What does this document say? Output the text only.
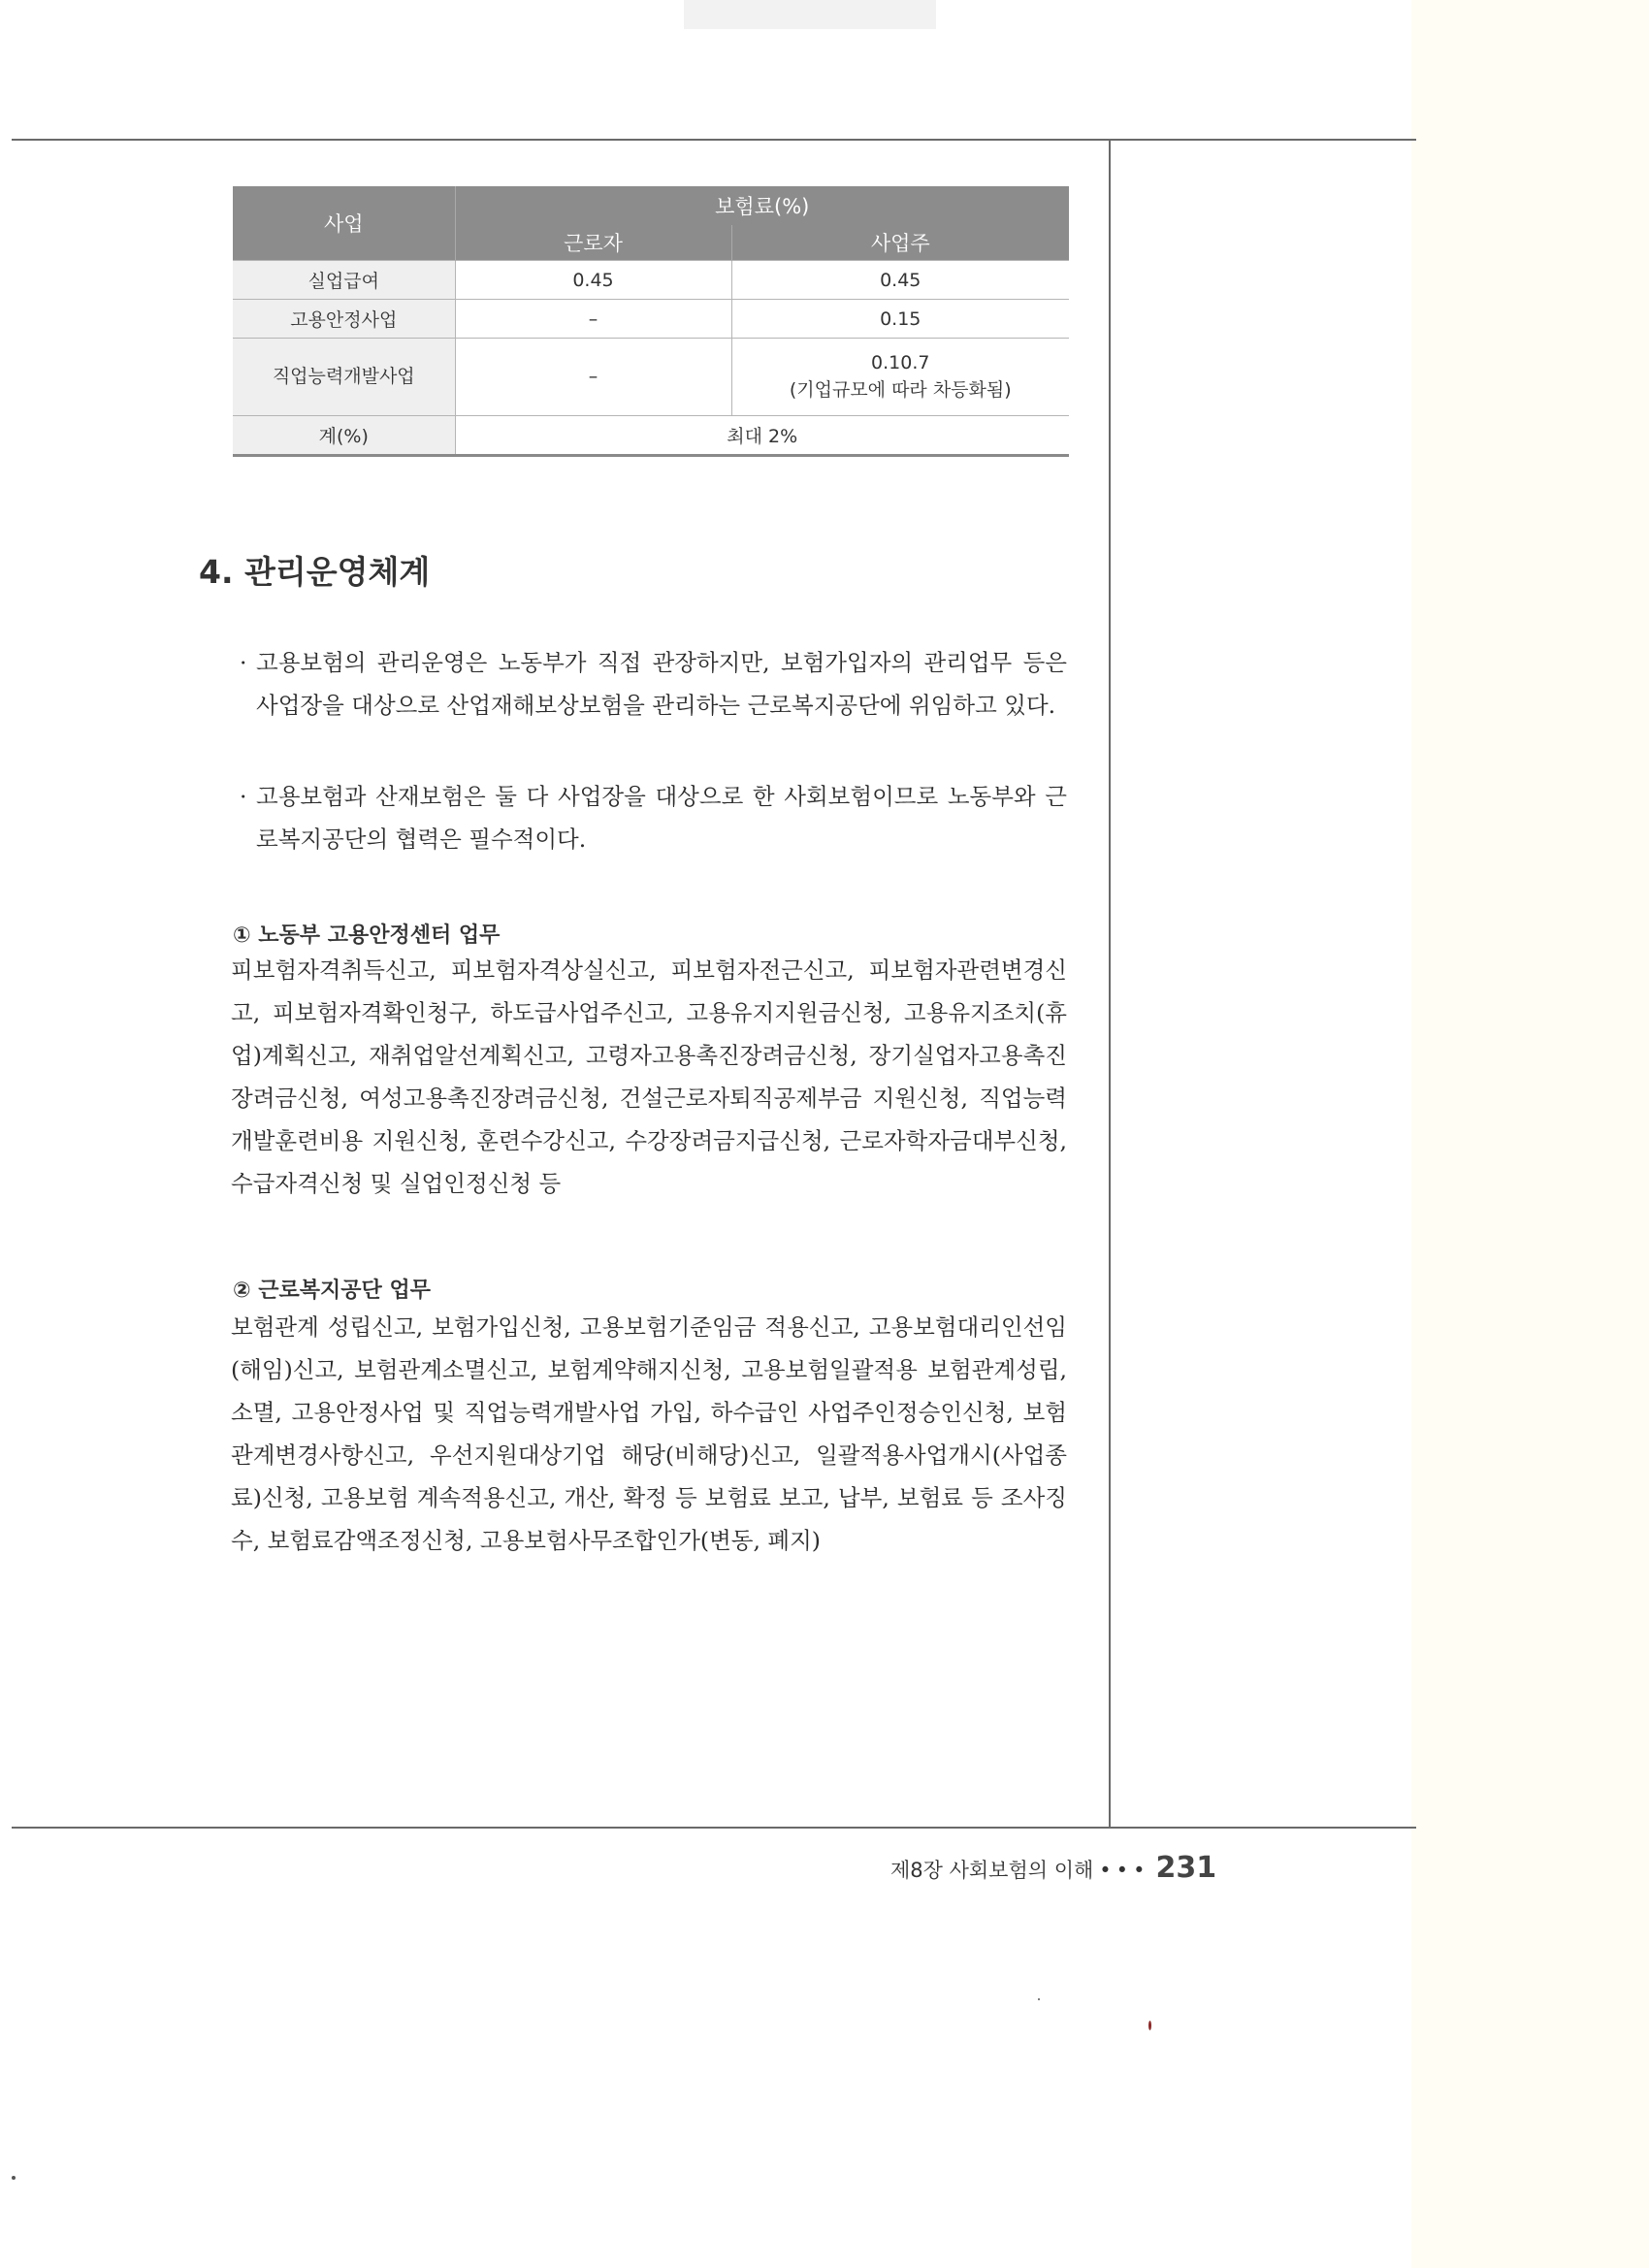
사업	보험료(%)	
	근로자	사업주
실업급여	0.45	0.45
고용안정사업	–	0.15
직업능력개발사업	–	0.10.7
(기업규모에 따라 차등화됨)

계(%)	최대 2%	
4. 관리운영체계
· 고용보험의 관리운영은 노동부가 직접 관장하지만, 보험가입자의 관리업무 등은 사업장을 대상으로 산업재해보상보험을 관리하는 근로복지공단에 위임하고 있다.
· 고용보험과 산재보험은 둘 다 사업장을 대상으로 한 사회보험이므로 노동부와 근로복지공단의 협력은 필수적이다.
① 노동부 고용안정센터 업무
피보험자격취득신고, 피보험자격상실신고, 피보험자전근신고, 피보험자관련변경신고, 피보험자격확인청구, 하도급사업주신고, 고용유지지원금신청, 고용유지조치(휴업)계획신고, 재취업알선계획신고, 고령자고용촉진장려금신청, 장기실업자고용촉진장려금신청, 여성고용촉진장려금신청, 건설근로자퇴직공제부금 지원신청, 직업능력개발훈련비용 지원신청, 훈련수강신고, 수강장려금지급신청, 근로자학자금대부신청, 수급자격신청 및 실업인정신청 등
② 근로복지공단 업무
보험관계 성립신고, 보험가입신청, 고용보험기준임금 적용신고, 고용보험대리인선임(해임)신고, 보험관계소멸신고, 보험계약해지신청, 고용보험일괄적용 보험관계성립, 소멸, 고용안정사업 및 직업능력개발사업 가입, 하수급인 사업주인정승인신청, 보험관계변경사항신고, 우선지원대상기업 해당(비해당)신고, 일괄적용사업개시(사업종료)신청, 고용보험 계속적용신고, 개산, 확정 등 보험료 보고, 납부, 보험료 등 조사징수, 보험료감액조정신청, 고용보험사무조합인가(변동, 폐지)
제8장 사회보험의 이해 ••• 231
